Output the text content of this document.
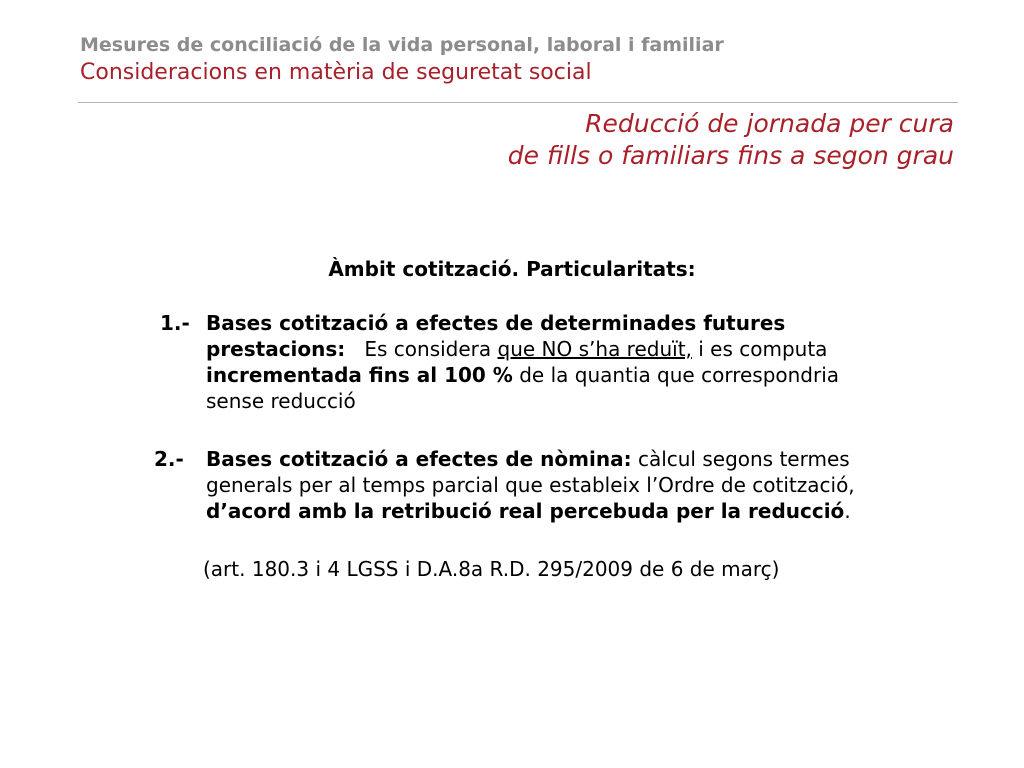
Mesures de conciliació de la vida personal, laboral i familiar
Consideracions en matèria de seguretat social
Reducció de jornada per cura
de fills o familiars fins a segon grau
Àmbit cotització. Particularitats:
1.- Bases cotització a efectes de determinades futures
prestacions: Es considera que NO s’ha reduït, i es computa
incrementada fins al 100 % de la quantia que correspondria
sense reducció
2.- Bases cotització a efectes de nòmina: càlcul segons termes
generals per al temps parcial que estableix l’Ordre de cotització,
d’acord amb la retribució real percebuda per la reducció.
(art. 180.3 i 4 LGSS i D.A.8a R.D. 295/2009 de 6 de març)
